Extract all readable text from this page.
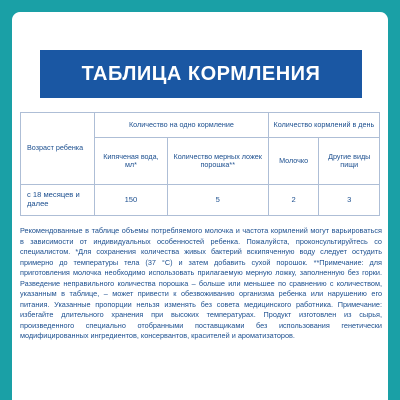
ТАБЛИЦА КОРМЛЕНИЯ
Возраст ребенка	Количество на одно кормление		Количество кормлений в день	
	Кипяченая вода, мл*	Количество мерных ложек порошка**	Молочко	Другие виды пищи
с 18 месяцев и далее	150	5	2	3

Рекомендованные в таблице объемы потребляемого молочка и частота кормлений могут варьироваться в зависимости от индивидуальных особенностей ребенка. Пожалуйста, проконсультируйтесь со специалистом. *Для сохранения количества живых бактерий вскипяченную воду следует остудить примерно до температуры тела (37 °C) и затем добавить сухой порошок. **Примечание: для приготовления молочка необходимо использовать прилагаемую мерную ложку, заполненную без горки. Разведение неправильного количества порошка – больше или меньшее по сравнению с количеством, указанным в таблице, – может привести к обезвоживанию организма ребенка или нарушению его питания. Указанные пропорции нельзя изменять без совета медицинского работника. Примечание: избегайте длительного хранения при высоких температурах. Продукт изготовлен из сырья, произведенного специально отобранными поставщиками без использования генетически модифицированных ингредиентов, консервантов, красителей и ароматизаторов.
